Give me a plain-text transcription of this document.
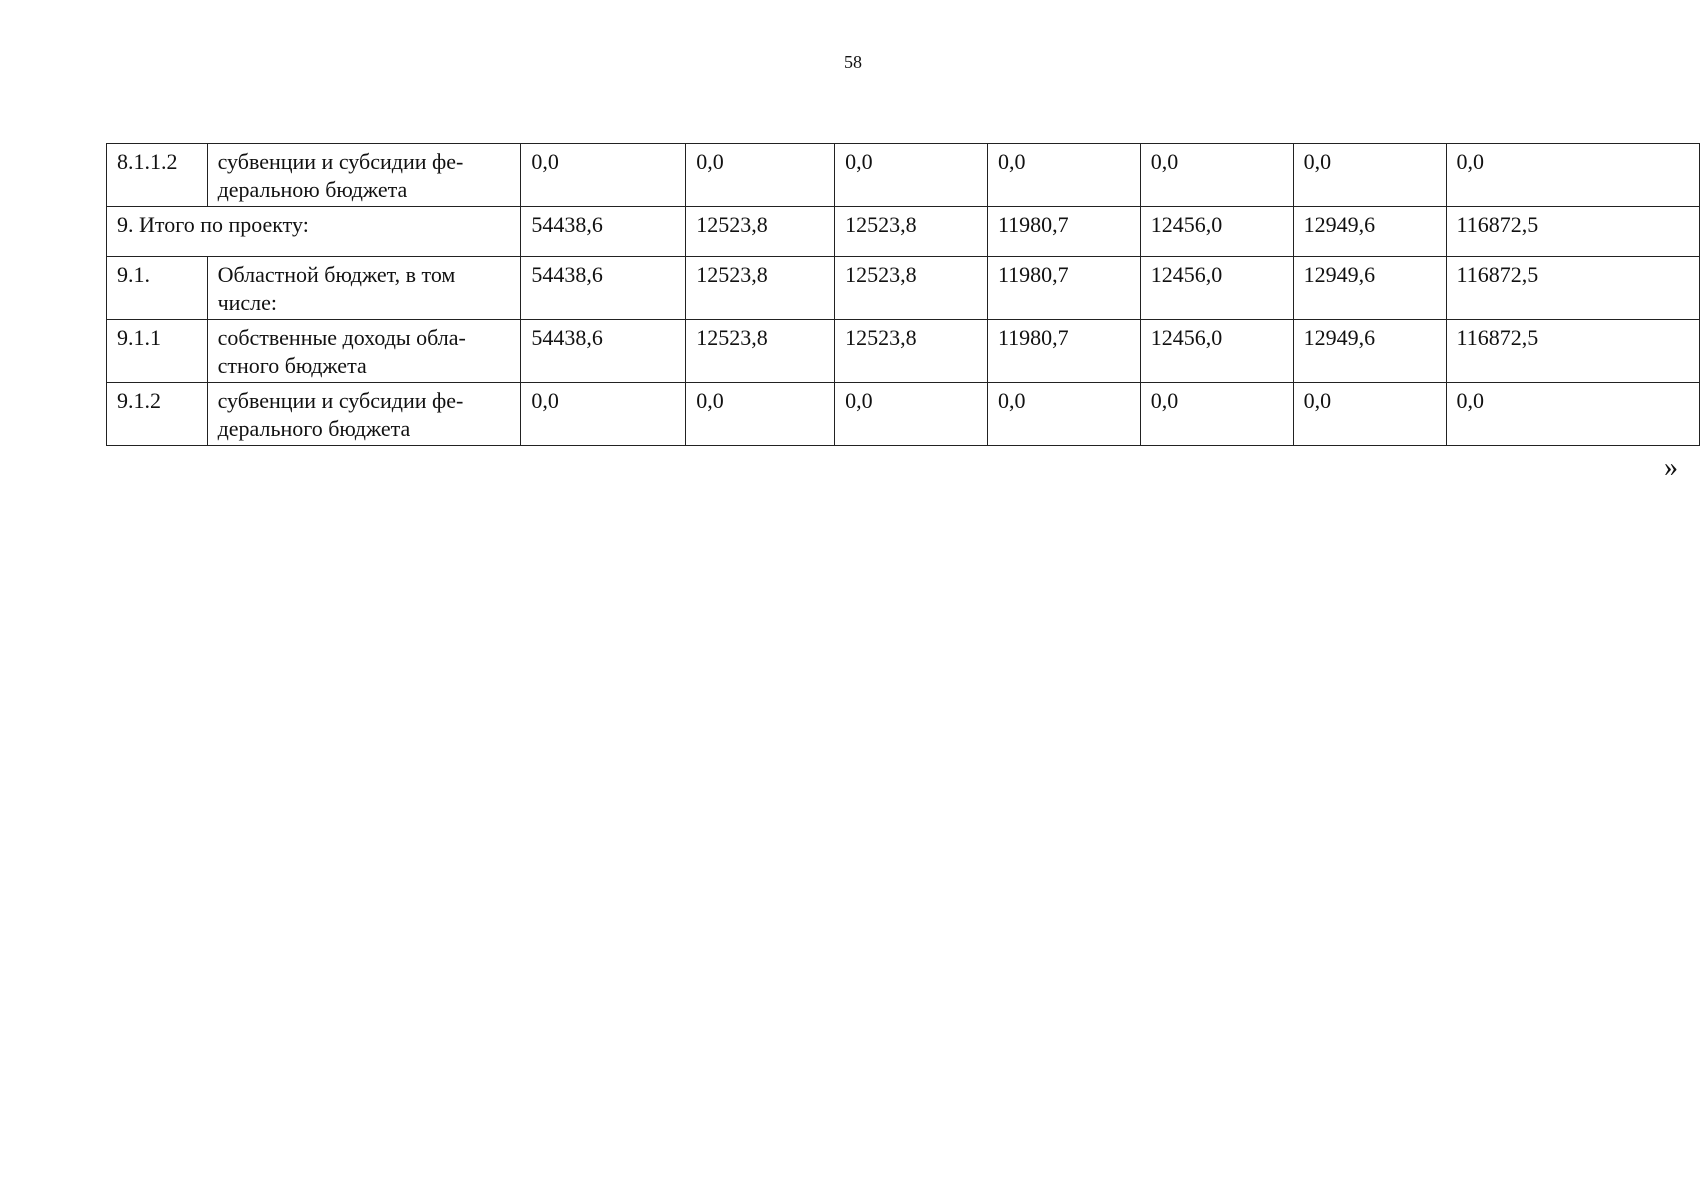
58
8.1.1.2	субвенции и субсидии фе-деральною бюджета	0,0	0,0	0,0	0,0	0,0	0,0	0,0
9. Итого по проекту:		54438,6	12523,8	12523,8	11980,7	12456,0	12949,6	116872,5
9.1.	Областной бюджет, в том числе:	54438,6	12523,8	12523,8	11980,7	12456,0	12949,6	116872,5
9.1.1	собственные доходы обла-стного бюджета	54438,6	12523,8	12523,8	11980,7	12456,0	12949,6	116872,5
9.1.2	субвенции и субсидии фе-дерального бюджета	0,0	0,0	0,0	0,0	0,0	0,0	0,0
»
